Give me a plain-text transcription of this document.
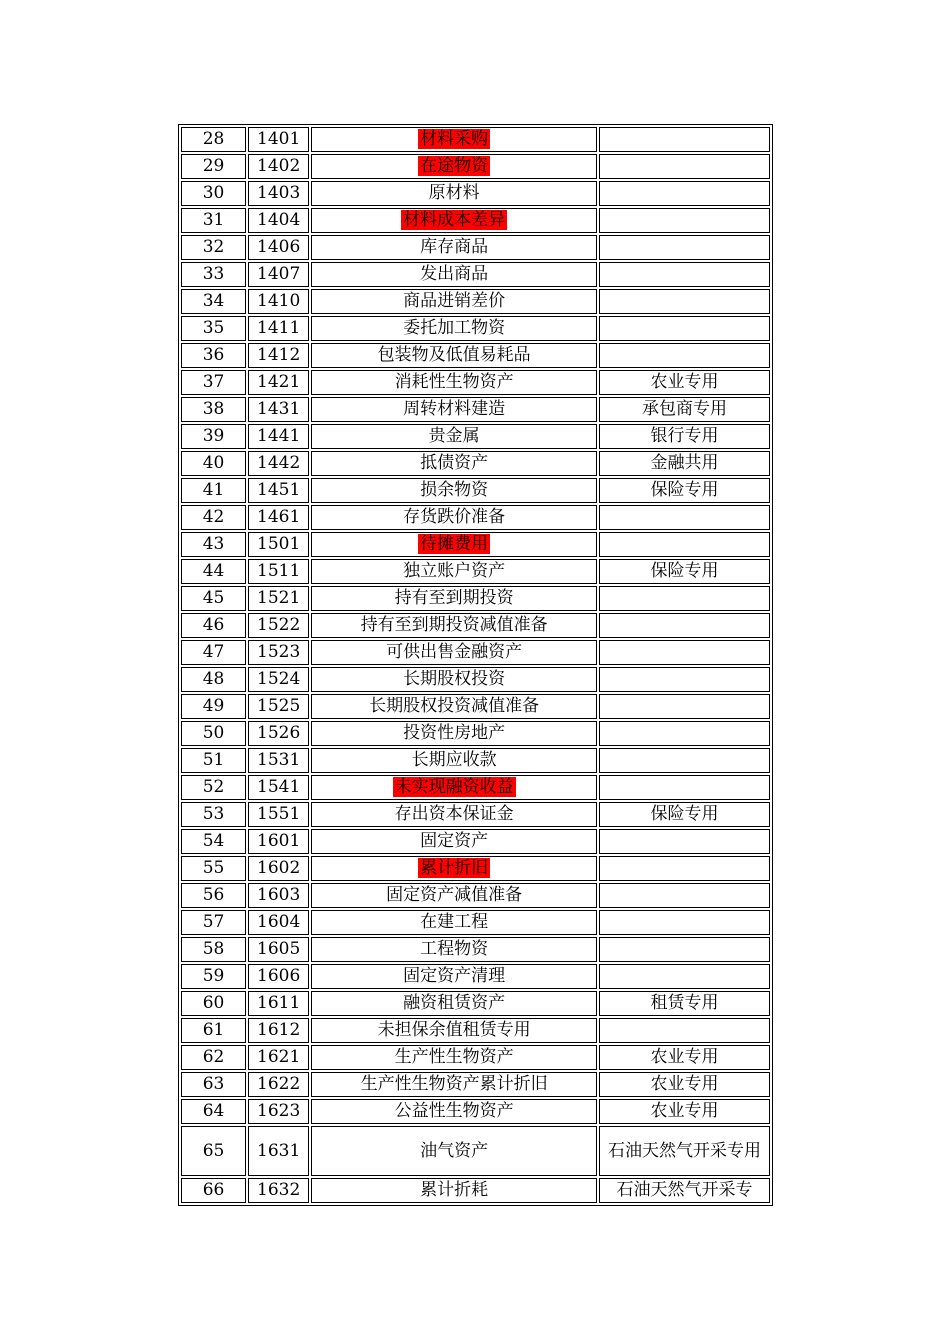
28	1401	材料采购	
29	1402	在途物资	
30	1403	原材料	
31	1404	材料成本差异	
32	1406	库存商品	
33	1407	发出商品	
34	1410	商品进销差价	
35	1411	委托加工物资	
36	1412	包装物及低值易耗品	
37	1421	消耗性生物资产	农业专用
38	1431	周转材料建造	承包商专用
39	1441	贵金属	银行专用
40	1442	抵债资产	金融共用
41	1451	损余物资	保险专用
42	1461	存货跌价准备	
43	1501	待摊费用	
44	1511	独立账户资产	保险专用
45	1521	持有至到期投资	
46	1522	持有至到期投资减值准备	
47	1523	可供出售金融资产	
48	1524	长期股权投资	
49	1525	长期股权投资减值准备	
50	1526	投资性房地产	
51	1531	长期应收款	
52	1541	未实现融资收益	
53	1551	存出资本保证金	保险专用
54	1601	固定资产	
55	1602	累计折旧	
56	1603	固定资产减值准备	
57	1604	在建工程	
58	1605	工程物资	
59	1606	固定资产清理	
60	1611	融资租赁资产	租赁专用
61	1612	未担保余值租赁专用	
62	1621	生产性生物资产	农业专用
63	1622	生产性生物资产累计折旧	农业专用
64	1623	公益性生物资产	农业专用
65	1631	油气资产	石油天然气开采专用
66	1632	累计折耗	石油天然气开采专
